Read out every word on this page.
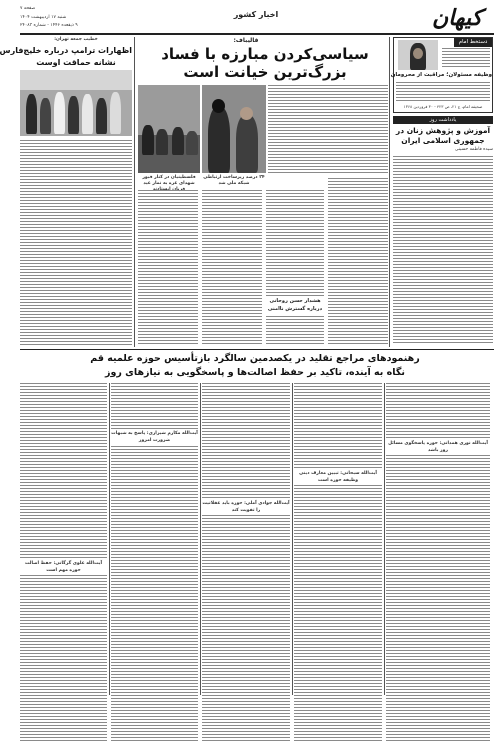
کیهان
اخبار کشور
صفحه ۷
شنبه ۱۷ اردیبهشت ۱۴۰۴
۹ ذیقعده ۱۴۴۶ - شماره ۲۴۰۸۳
دستخط امام
وظیفه مسئولان؛ مراقبت از محرومان
صحیفه امام، ج ۲۱، ص ۴۲۳ - ۳۰ فروردین ۱۳۶۸
یادداشت روز
آموزش و پژوهش زنان در جمهوری اسلامی ایران
سیده فاطمه حسینی
قالیباف:
سیاسی‌کردن مبارزه با فساد
بزرگ‌ترین خیانت است
۲۴ درصد زیرساخت ارتباطی شبکه ملی شد
فلسطینیان در کنار قبور شهدای غزه به نماز عید
هشدار حسن روحانی
درباره گسترش ناامنی
خطیب جمعه تهران:
اظهارات ترامپ درباره خلیج‌فارس
نشانه حماقت اوست
رهنمودهای مراجع تقلید در یکصدمین سالگرد بازتأسیس حوزه علمیه قم
نگاه به آینده، تاکید بر حفظ اصالت‌ها و پاسخگویی به نیازهای روز
آیت‌الله نوری همدانی: حوزه پاسخگوی مسائل روز باشد
آیت‌الله سبحانی: تبیین معارف دینی وظیفه حوزه است
آیت‌الله جوادی آملی: حوزه باید عقلانیت را تقویت کند
آیت‌الله مکارم شیرازی: پاسخ به شبهات ضرورت امروز
آیت‌الله علوی گرگانی: حفظ اصالت حوزه مهم است
